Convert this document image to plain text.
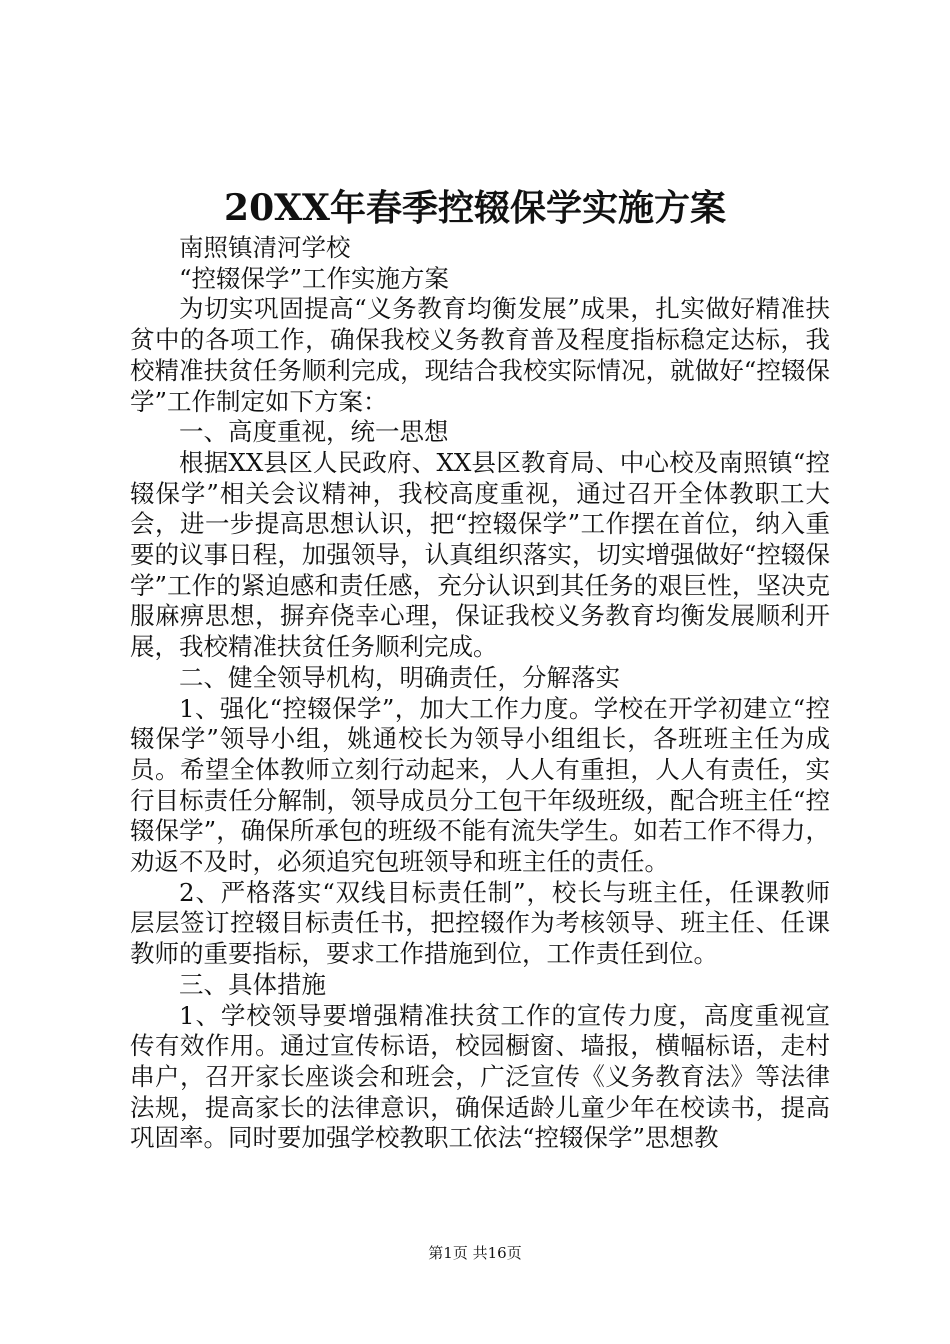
20XX年春季控辍保学实施方案

南照镇清河学校

“控辍保学”工作实施方案

为切实巩固提高“义务教育均衡发展”成果，扎实做好精准扶贫中的各项工作，确保我校义务教育普及程度指标稳定达标，我校精准扶贫任务顺利完成，现结合我校实际情况，就做好“控辍保学”工作制定如下方案：

一、高度重视，统一思想

根据XX县区人民政府、XX县区教育局、中心校及南照镇“控辍保学”相关会议精神，我校高度重视，通过召开全体教职工大会，进一步提高思想认识，把“控辍保学”工作摆在首位，纳入重要的议事日程，加强领导，认真组织落实，切实增强做好“控辍保学”工作的紧迫感和责任感，充分认识到其任务的艰巨性，坚决克服麻痹思想，摒弃侥幸心理，保证我校义务教育均衡发展顺利开展，我校精准扶贫任务顺利完成。

二、健全领导机构，明确责任，分解落实

1、强化“控辍保学”，加大工作力度。学校在开学初建立“控辍保学”领导小组，姚通校长为领导小组组长，各班班主任为成员。希望全体教师立刻行动起来，人人有重担，人人有责任，实行目标责任分解制，领导成员分工包干年级班级，配合班主任“控辍保学”，确保所承包的班级不能有流失学生。如若工作不得力，劝返不及时，必须追究包班领导和班主任的责任。

2、严格落实“双线目标责任制”，校长与班主任，任课教师层层签订控辍目标责任书，把控辍作为考核领导、班主任、任课教师的重要指标，要求工作措施到位，工作责任到位。

三、具体措施

1、学校领导要增强精准扶贫工作的宣传力度，高度重视宣传有效作用。通过宣传标语，校园橱窗、墙报，横幅标语，走村串户，召开家长座谈会和班会，广泛宣传《义务教育法》等法律法规，提高家长的法律意识，确保适龄儿童少年在校读书，提高巩固率。同时要加强学校教职工依法“控辍保学”思想教

第1页 共16页
